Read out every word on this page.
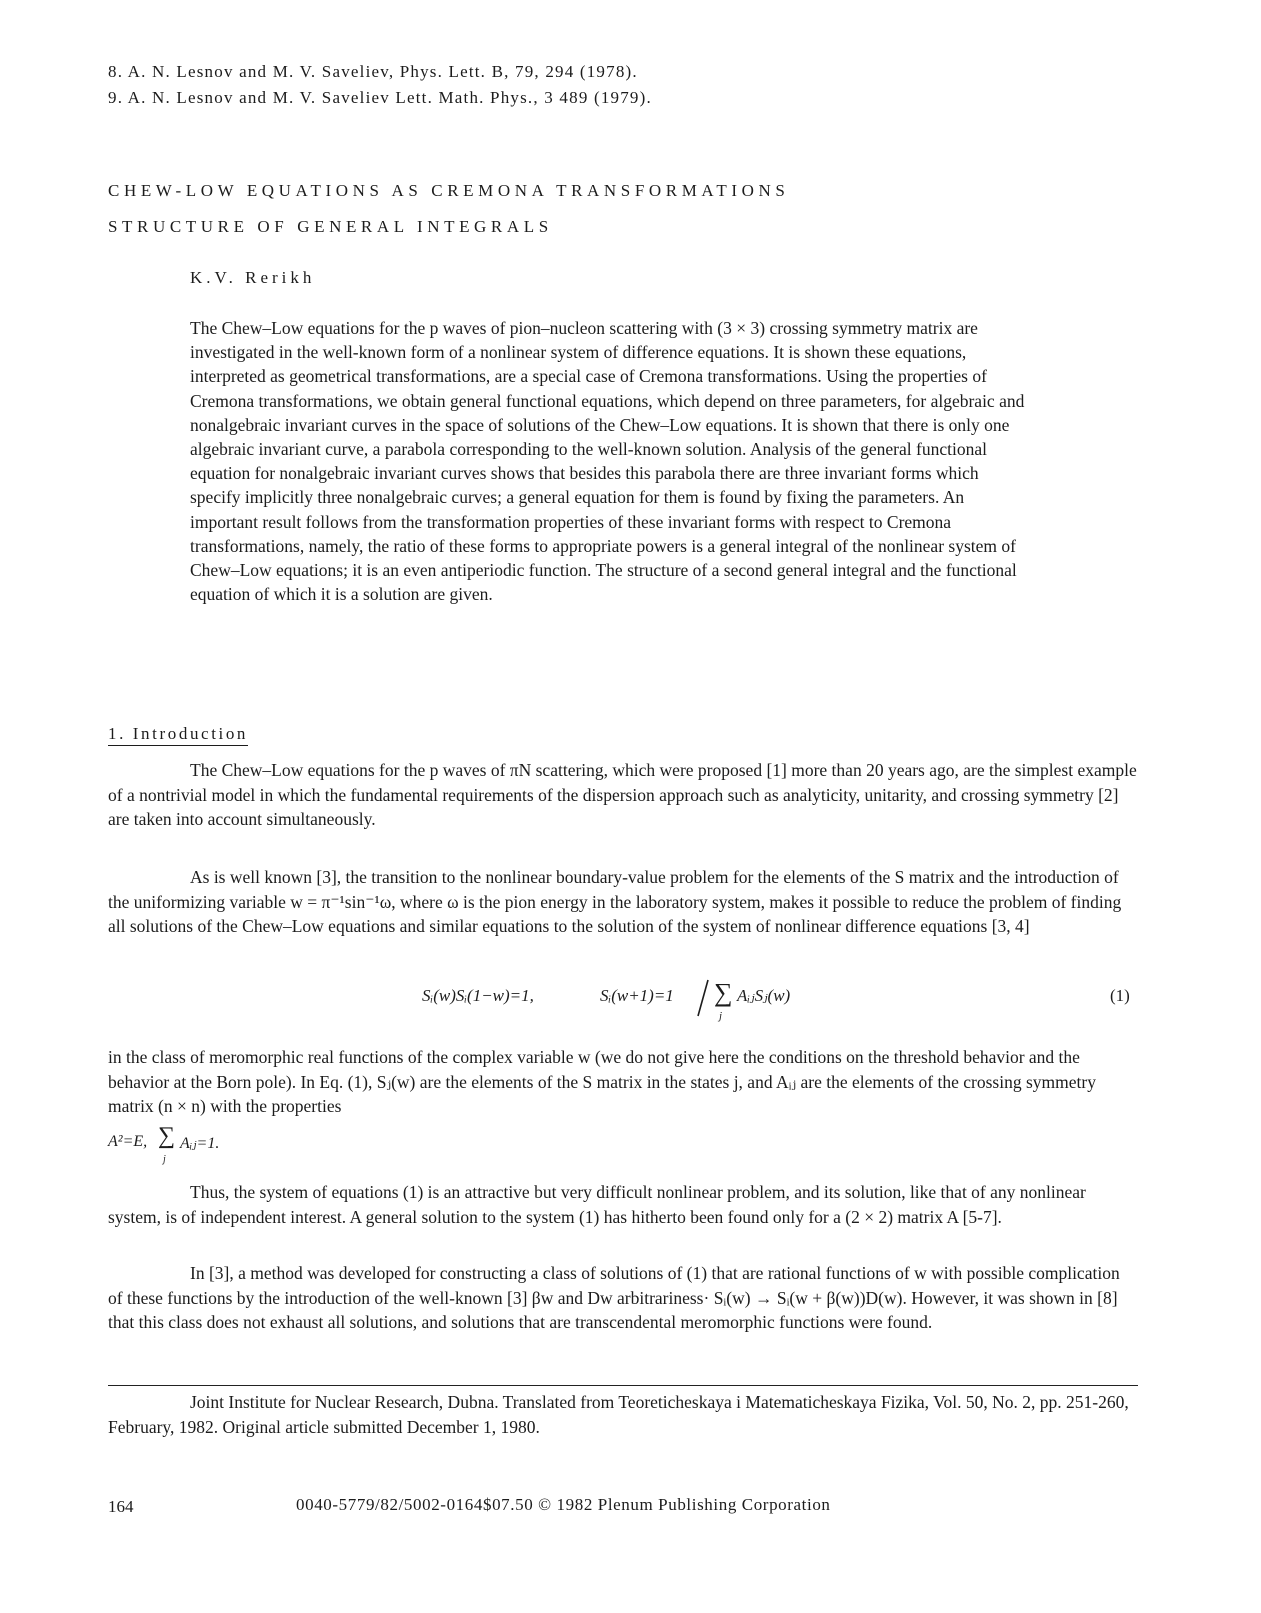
8. A. N. Lesnov and M. V. Saveliev, Phys. Lett. B, 79, 294 (1978).
9. A. N. Lesnov and M. V. Saveliev Lett. Math. Phys., 3 489 (1979).
CHEW-LOW EQUATIONS AS CREMONA TRANSFORMATIONS
STRUCTURE OF GENERAL INTEGRALS
K.V. Rerikh

The Chew–Low equations for the p waves of pion–nucleon scattering with (3 × 3) crossing symmetry matrix are investigated in the well-known form of a nonlinear system of difference equations. It is shown these equations, interpreted as geometrical transformations, are a special case of Cremona transformations. Using the properties of Cremona transformations, we obtain general functional equations, which depend on three parameters, for algebraic and nonalgebraic invariant curves in the space of solutions of the Chew–Low equations. It is shown that there is only one algebraic invariant curve, a parabola corresponding to the well-known solution. Analysis of the general functional equation for nonalgebraic invariant curves shows that besides this parabola there are three invariant forms which specify implicitly three nonalgebraic curves; a general equation for them is found by fixing the parameters. An important result follows from the transformation properties of these invariant forms with respect to Cremona transformations, namely, the ratio of these forms to appropriate powers is a general integral of the nonlinear system of Chew–Low equations; it is an even antiperiodic function. The structure of a second general integral and the functional equation of which it is a solution are given.

1. Introduction

The Chew–Low equations for the p waves of πN scattering, which were proposed [1] more than 20 years ago, are the simplest example of a nontrivial model in which the fundamental requirements of the dispersion approach such as analyticity, unitarity, and crossing symmetry [2] are taken into account simultaneously.

As is well known [3], the transition to the nonlinear boundary-value problem for the elements of the S matrix and the introduction of the uniformizing variable w = π⁻¹sin⁻¹ω, where ω is the pion energy in the laboratory system, makes it possible to reduce the problem of finding all solutions of the Chew–Low equations and similar equations to the solution of the system of nonlinear difference equations [3, 4]

Sᵢ(w)Sᵢ(1−w)=1,	Sᵢ(w+1)=1 ∑
j
AᵢⱼSⱼ(w)	(1)

in the class of meromorphic real functions of the complex variable w (we do not give here the conditions on the threshold behavior and the behavior at the Born pole). In Eq. (1), Sⱼ(w) are the elements of the S matrix in the states j, and Aᵢⱼ are the elements of the crossing symmetry matrix (n × n) with the properties

A²=E, ∑
j
Aᵢⱼ=1.

Thus, the system of equations (1) is an attractive but very difficult nonlinear problem, and its solution, like that of any nonlinear system, is of independent interest. A general solution to the system (1) has hitherto been found only for a (2 × 2) matrix A [5-7].

In [3], a method was developed for constructing a class of solutions of (1) that are rational functions of w with possible complication of these functions by the introduction of the well-known [3] βw and Dw arbitrariness· Sᵢ(w) → Sᵢ(w + β(w))D(w). However, it was shown in [8] that this class does not exhaust all solutions, and solutions that are transcendental meromorphic functions were found.

Joint Institute for Nuclear Research, Dubna. Translated from Teoreticheskaya i Matematicheskaya Fizika, Vol. 50, No. 2, pp. 251-260, February, 1982. Original article submitted December 1, 1980.

164	0040-5779/82/5002-0164$07.50 © 1982 Plenum Publishing Corporation
